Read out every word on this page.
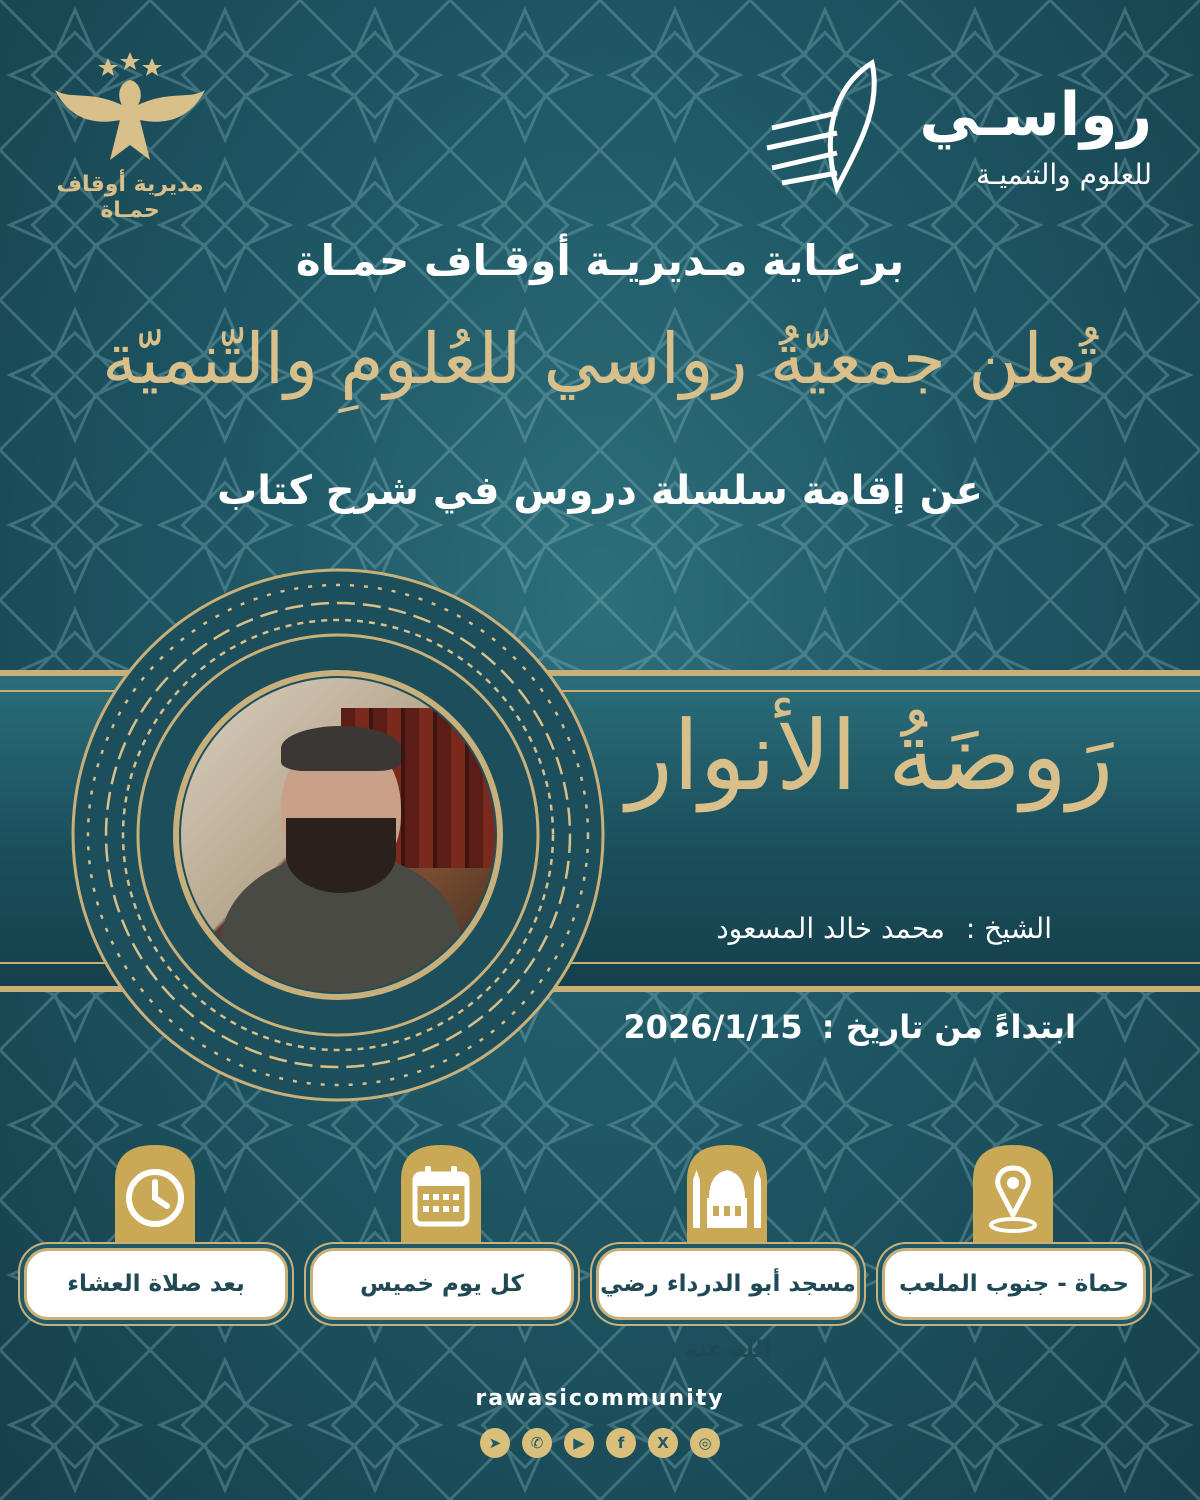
رواسـي
للعلوم والتنميـة
مديرية أوقاف
حمـاة
برعـاية مـديريـة أوقـاف حمـاة
تُعلن جمعيّةُ رواسي للعُلومِ والتّنميّة
عن إقامة سلسلة دروس في شرح كتاب
رَوضَةُ الأنوار
الشيخ : محمد خالد المسعود
ابتداءً من تاريخ : 2026/1/15
حماة - جنوب الملعب
مسجد أبو الدرداء رضي الله عنه
كل يوم خميس
بعد صلاة العشاء
rawasicommunity
➤	✆	▶	f	X	◎
